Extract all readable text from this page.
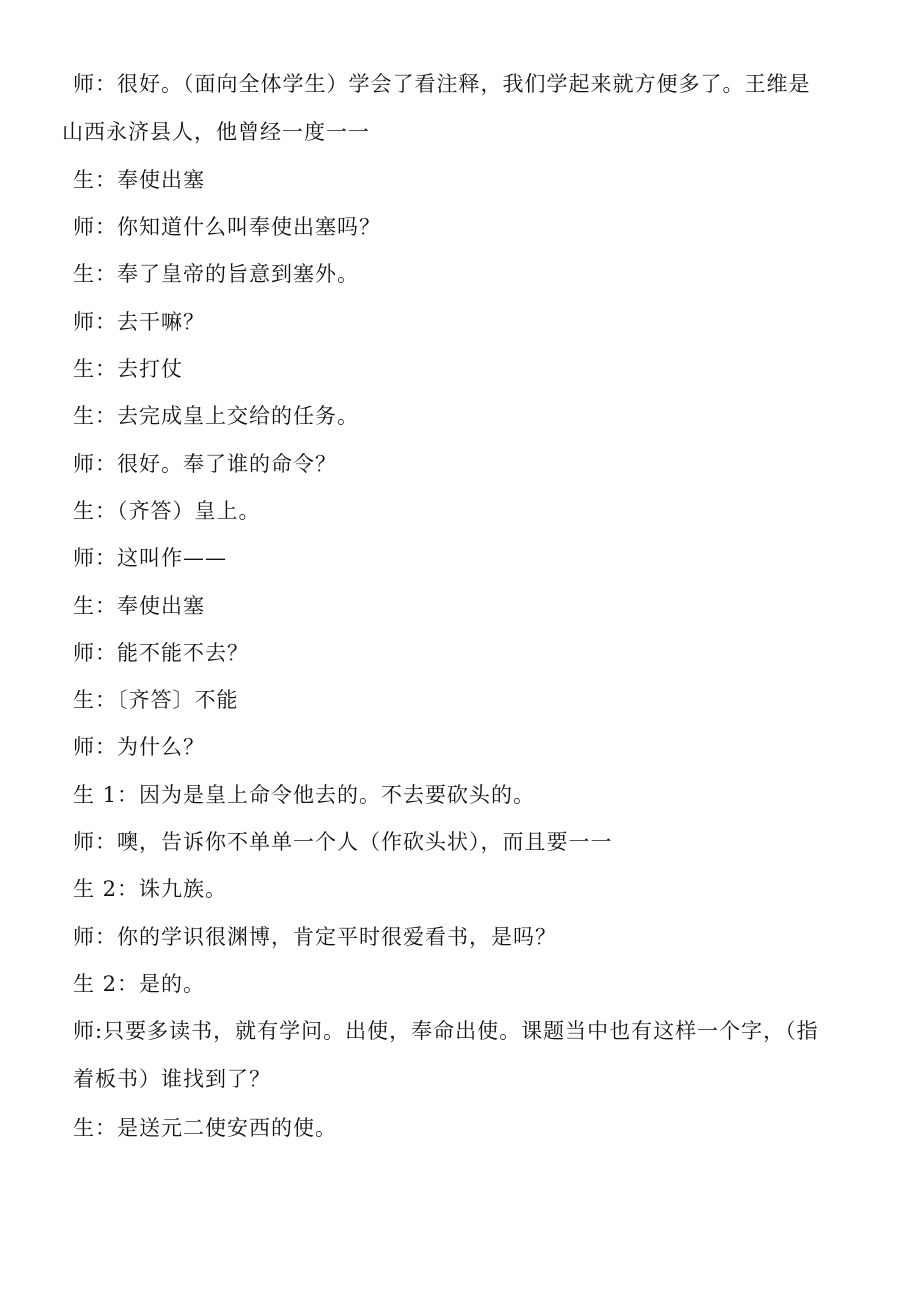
师：很好。（面向全体学生）学会了看注释，我们学起来就方便多了。王维是
山西永济县人，他曾经一度一一
生：奉使出塞
师：你知道什么叫奉使出塞吗？
生：奉了皇帝的旨意到塞外。
师：去干嘛？
生：去打仗
生：去完成皇上交给的任务。
师：很好。奉了谁的命令？
生：（齐答）皇上。
师：这叫作——
生：奉使出塞
师：能不能不去？
生：〔齐答〕不能
师：为什么？
生 1：因为是皇上命令他去的。不去要砍头的。
师：噢，告诉你不单单一个人（作砍头状），而且要一一
生 2：诛九族。
师：你的学识很渊博，肯定平时很爱看书，是吗？
生 2：是的。
师:只要多读书，就有学问。出使，奉命出使。课题当中也有这样一个字，（指
着板书）谁找到了？
生：是送元二使安西的使。
